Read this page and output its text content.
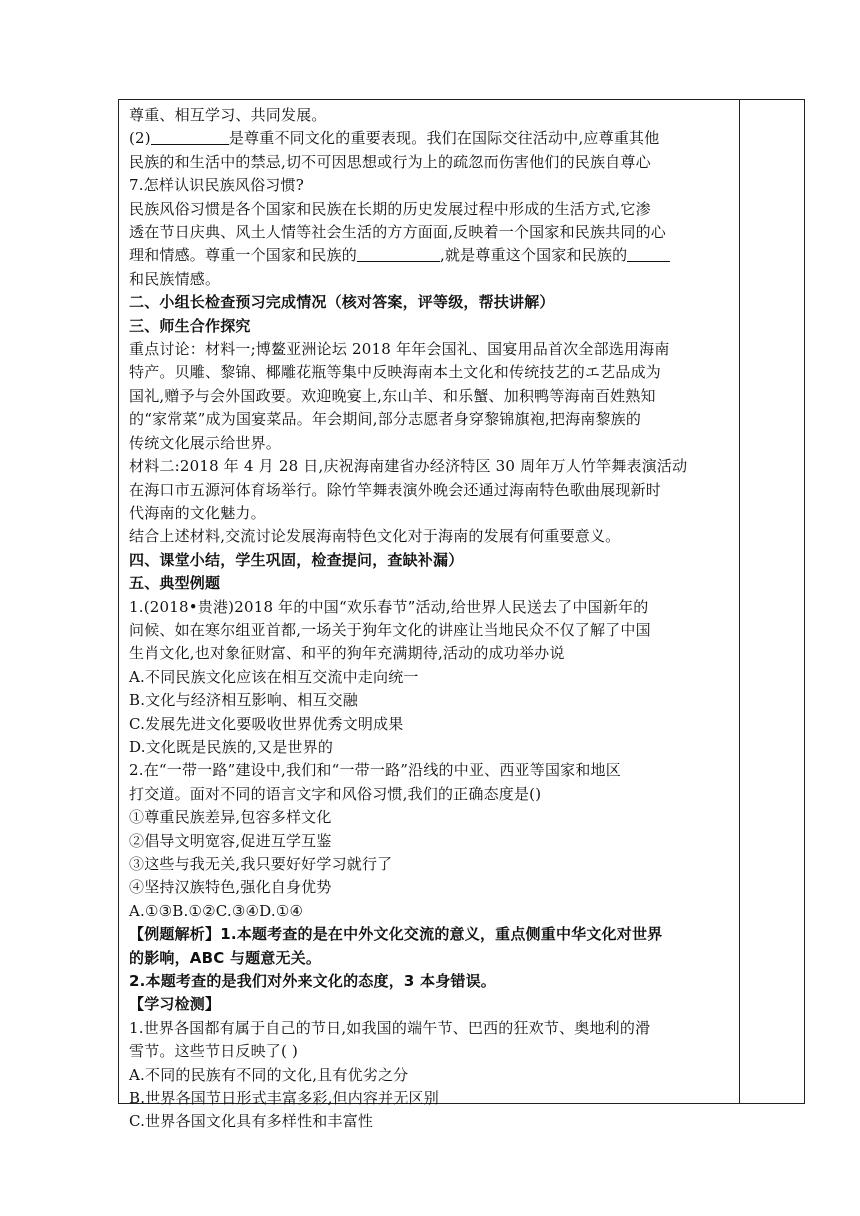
尊重、相互学习、共同发展。
(2)	是尊重不同文化的重要表现。我们在国际交往活动中,应尊重其他
民族的和生活中的禁忌,切不可因思想或行为上的疏忽而伤害他们的民族自尊心
7.怎样认识民族风俗习惯?
民族风俗习惯是各个国家和民族在长期的历史发展过程中形成的生活方式,它渗
透在节日庆典、风土人情等社会生活的方方面面,反映着一个国家和民族共同的心
理和情感。尊重一个国家和民族的	,就是尊重这个国家和民族的
和民族情感。
二、小组长检查预习完成情况（核对答案，评等级，帮扶讲解）
三、师生合作探究
重点讨论：材料一;博鳌亚洲论坛 2018 年年会国礼、国宴用品首次全部选用海南
特产。贝雕、黎锦、椰雕花瓶等集中反映海南本土文化和传统技艺的エ艺品成为
国礼,赠予与会外国政要。欢迎晚宴上,东山羊、和乐蟹、加积鸭等海南百姓熟知
的“家常菜”成为国宴菜品。年会期间,部分志愿者身穿黎锦旗袍,把海南黎族的
传统文化展示给世界。
材料二:2018 年 4 月 28 日,庆祝海南建省办经济特区 30 周年万人竹竿舞表演活动
在海口市五源河体育场举行。除竹竿舞表演外晚会还通过海南特色歌曲展现新时
代海南的文化魅力。
结合上述材料,交流讨论发展海南特色文化对于海南的发展有何重要意义。
四、课堂小结，学生巩固，检查提问，查缺补漏）
五、典型例题
1.(2018•贵港)2018 年的中国“欢乐春节”活动,给世界人民送去了中国新年的
问候、如在寒尔组亚首都,一场关于狗年文化的讲座让当地民众不仅了解了中国
生肖文化,也对象征财富、和平的狗年充满期待,活动的成功举办说
A.不同民族文化应该在相互交流中走向统一
B.文化与经济相互影响、相互交融
C.发展先进文化要吸收世界优秀文明成果
D.文化既是民族的,又是世界的
2.在“一带一路”建设中,我们和“一带一路”沿线的中亚、西亚等国家和地区
打交道。面对不同的语言文字和风俗习惯,我们的正确态度是()
①尊重民族差异,包容多样文化
②倡导文明宽容,促进互学互鉴
③这些与我无关,我只要好好学习就行了
④坚持汉族特色,强化自身优势
A.①③B.①②C.③④D.①④
【例题解析】1.本题考查的是在中外文化交流的意义，重点侧重中华文化对世界
的影响，ABC 与题意无关。
2.本题考查的是我们对外来文化的态度，3 本身错误。
【学习检测】
1.世界各国都有属于自己的节日,如我国的端午节、巴西的狂欢节、奥地利的滑
雪节。这些节日反映了( )
A.不同的民族有不同的文化,且有优劣之分
B.世界各国节日形式丰富多彩,但内容并无区别
C.世界各国文化具有多样性和丰富性
